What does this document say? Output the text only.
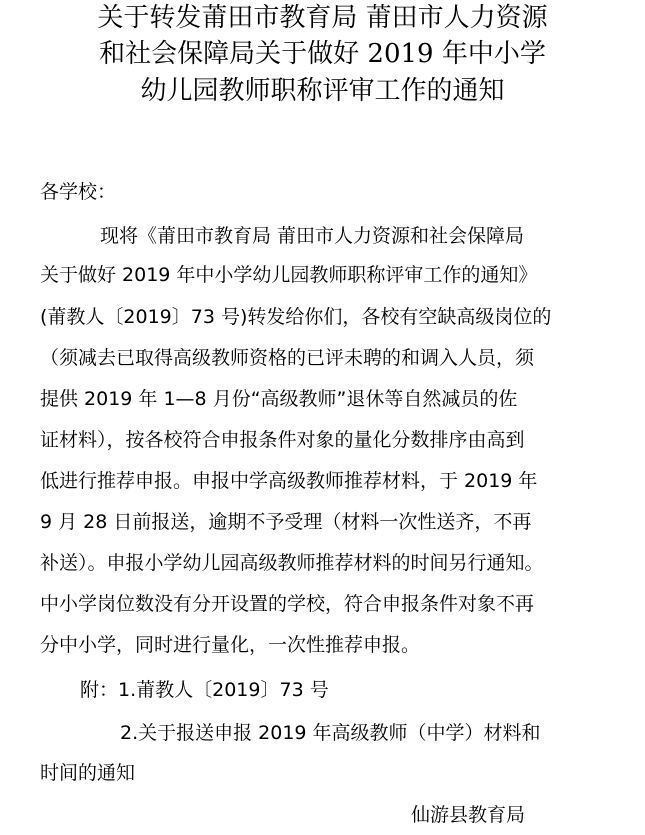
关于转发莆田市教育局 莆田市人力资源
和社会保障局关于做好 2019 年中小学
幼儿园教师职称评审工作的通知
各学校：
现将《莆田市教育局 莆田市人力资源和社会保障局
关于做好 2019 年中小学幼儿园教师职称评审工作的通知》
(莆教人〔2019〕73 号)转发给你们，各校有空缺高级岗位的
（须减去已取得高级教师资格的已评未聘的和调入人员，须
提供 2019 年 1—8 月份“高级教师”退休等自然减员的佐
证材料），按各校符合申报条件对象的量化分数排序由高到
低进行推荐申报。申报中学高级教师推荐材料，于 2019 年
9 月 28 日前报送，逾期不予受理（材料一次性送齐，不再
补送）。申报小学幼儿园高级教师推荐材料的时间另行通知。
中小学岗位数没有分开设置的学校，符合申报条件对象不再
分中小学，同时进行量化，一次性推荐申报。
附：1.莆教人〔2019〕73 号
2.关于报送申报 2019 年高级教师（中学）材料和
时间的通知
仙游县教育局
